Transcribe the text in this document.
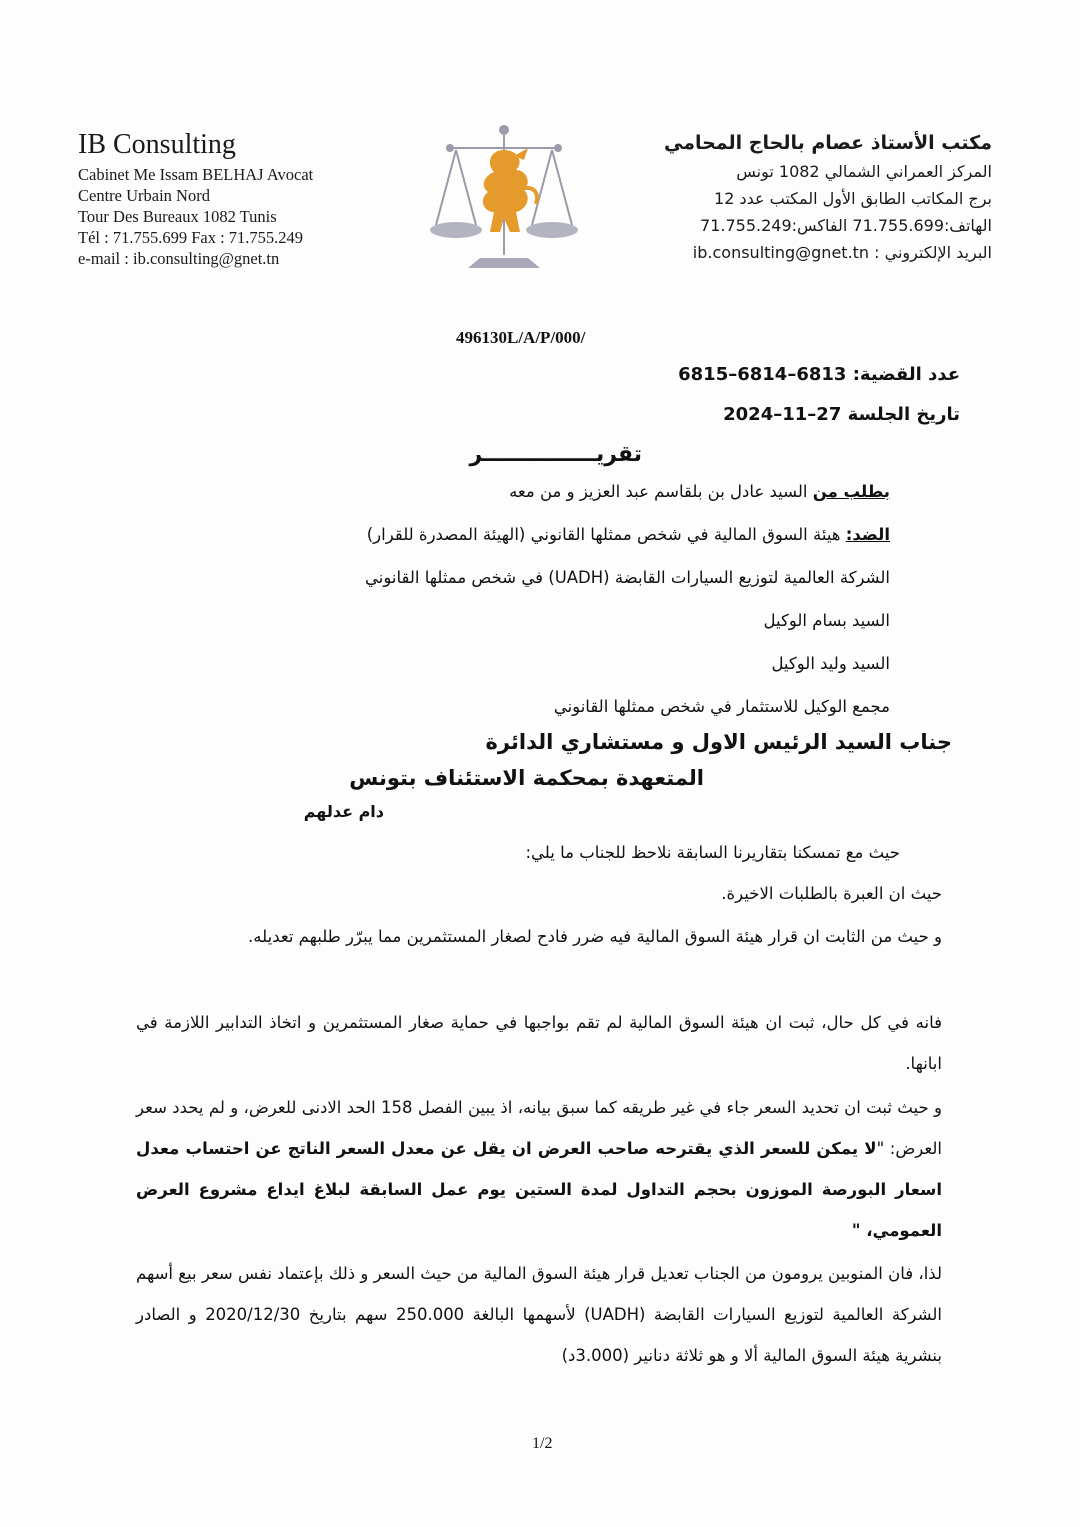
IB Consulting
Cabinet Me Issam BELHAJ Avocat
Centre Urbain Nord
Tour Des Bureaux 1082 Tunis
Tél : 71.755.699 Fax : 71.755.249
e-mail : ib.consulting@gnet.tn
مكتب الأستاذ عصام بالحاج المحامي
المركز العمراني الشمالي 1082 تونس
برج المكاتب الطابق الأول المكتب عدد 12
الهاتف:71.755.699 الفاكس:71.755.249
البريد الإلكتروني : ib.consulting@gnet.tn
496130L/A/P/000/
عدد القضية: 6813–6814–6815
تاريخ الجلسة 27–11–2024
تقريـــــــــــــــر
بطلب من السيد عادل بن بلقاسم عبد العزيز و من معه
الضد: هيئة السوق المالية في شخص ممثلها القانوني (الهيئة المصدرة للقرار)
الشركة العالمية لتوزيع السيارات القابضة (UADH) في شخص ممثلها القانوني
السيد بسام الوكيل
السيد وليد الوكيل
مجمع الوكيل للاستثمار في شخص ممثلها القانوني
جناب السيد الرئيس الاول و مستشاري الدائرة
المتعهدة بمحكمة الاستئناف بتونس
دام عدلهم
حيث مع تمسكنا بتقاريرنا السابقة نلاحظ للجناب ما يلي:
حيث ان العبرة بالطلبات الاخيرة.
و حيث من الثابت ان قرار هيئة السوق المالية فيه ضرر فادح لصغار المستثمرين مما يبرّر طلبهم تعديله.
فانه في كل حال، ثبت ان هيئة السوق المالية لم تقم بواجبها في حماية صغار المستثمرين و اتخاذ التدابير اللازمة في ابانها.
و حيث ثبت ان تحديد السعر جاء في غير طريقه كما سبق بيانه، اذ يبين الفصل 158 الحد الادنى للعرض، و لم يحدد سعر العرض: "لا يمكن للسعر الذي يقترحه صاحب العرض ان يقل عن معدل السعر الناتج عن احتساب معدل اسعار البورصة الموزون بحجم التداول لمدة الستين يوم عمل السابقة لبلاغ ايداع مشروع العرض العمومي، "
لذا، فان المنوبين يرومون من الجناب تعديل قرار هيئة السوق المالية من حيث السعر و ذلك بإعتماد نفس سعر بيع أسهم الشركة العالمية لتوزيع السيارات القابضة (UADH) لأسهمها البالغة 250.000 سهم بتاريخ 2020/12/30 و الصادر بنشرية هيئة السوق المالية ألا و هو ثلاثة دنانير (3.000د)
1/2
